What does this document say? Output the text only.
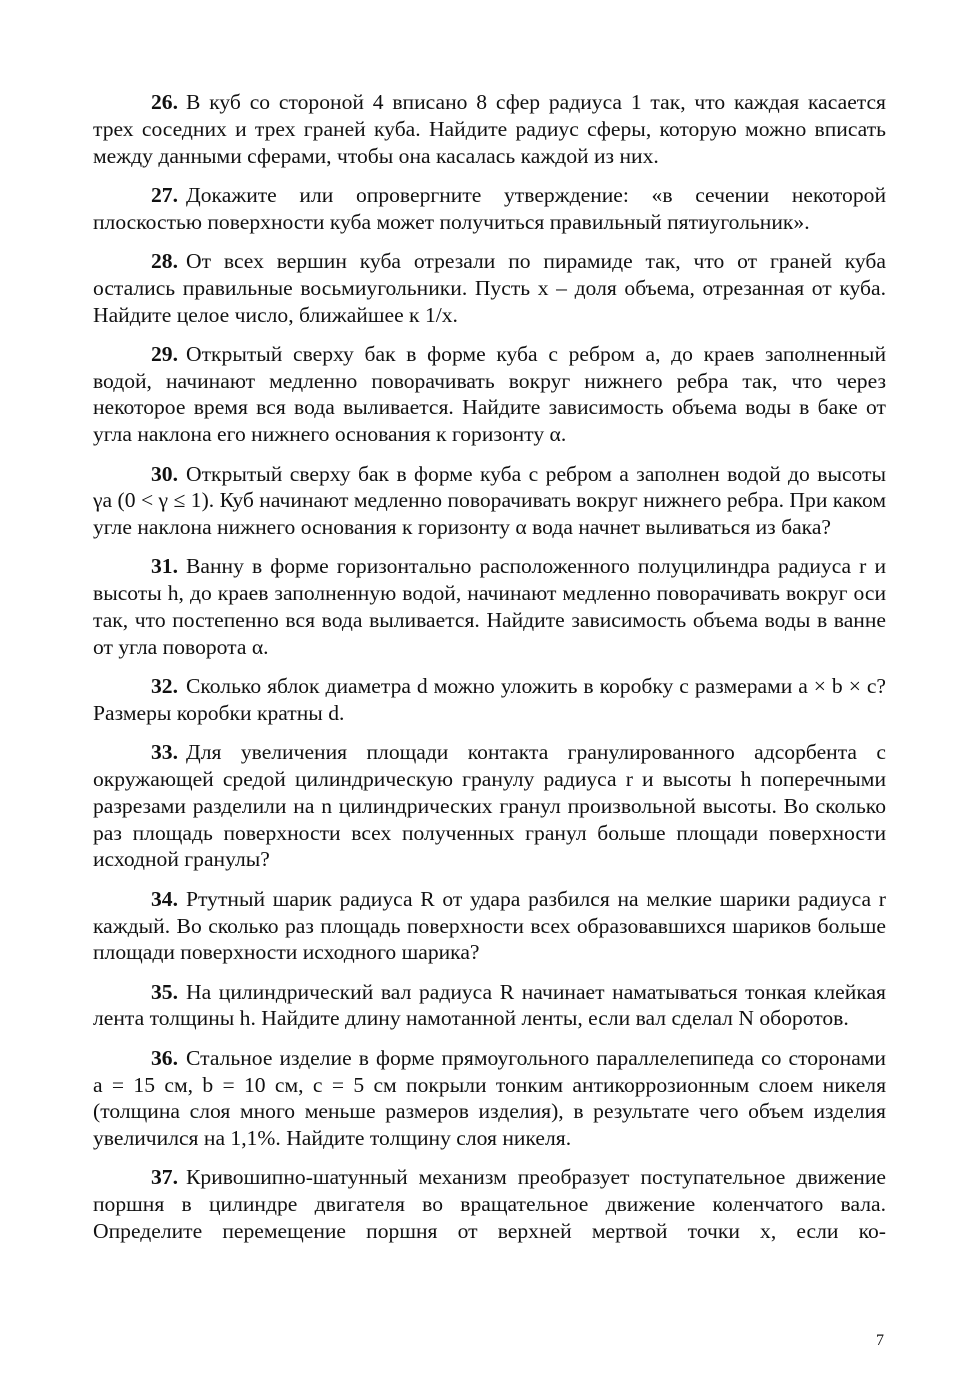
26. В куб со стороной 4 вписано 8 сфер радиуса 1 так, что каждая касается трех соседних и трех граней куба. Найдите радиус сферы, которую можно вписать между данными сферами, чтобы она касалась каждой из них.

27. Докажите или опровергните утверждение: «в сечении некоторой плоскостью поверхности куба может получиться правильный пятиугольник».

28. От всех вершин куба отрезали по пирамиде так, что от граней куба остались правильные восьмиугольники. Пусть x – доля объема, отрезанная от куба. Найдите целое число, ближайшее к 1/x.

29. Открытый сверху бак в форме куба с ребром a, до краев заполненный водой, начинают медленно поворачивать вокруг нижнего ребра так, что через некоторое время вся вода выливается. Найдите зависимость объема воды в баке от угла наклона его нижнего основания к горизонту α.

30. Открытый сверху бак в форме куба с ребром a заполнен водой до высоты γa (0 < γ ≤ 1). Куб начинают медленно поворачивать вокруг нижнего ребра. При каком угле наклона нижнего основания к горизонту α вода начнет выливаться из бака?

31. Ванну в форме горизонтально расположенного полуцилиндра радиуса r и высоты h, до краев заполненную водой, начинают медленно поворачивать вокруг оси так, что постепенно вся вода выливается. Найдите зависимость объема воды в ванне от угла поворота α.

32. Сколько яблок диаметра d можно уложить в коробку с размерами a × b × c? Размеры коробки кратны d.

33. Для увеличения площади контакта гранулированного адсорбента с окружающей средой цилиндрическую гранулу радиуса r и высоты h поперечными разрезами разделили на n цилиндрических гранул произвольной высоты. Во сколько раз площадь поверхности всех полученных гранул больше площади поверхности исходной гранулы?

34. Ртутный шарик радиуса R от удара разбился на мелкие шарики радиуса r каждый. Во сколько раз площадь поверхности всех образовавшихся шариков больше площади поверхности исходного шарика?

35. На цилиндрический вал радиуса R начинает наматываться тонкая клейкая лента толщины h. Найдите длину намотанной ленты, если вал сделал N оборотов.

36. Стальное изделие в форме прямоугольного параллелепипеда со сторонами a = 15 см, b = 10 см, c = 5 см покрыли тонким антикоррозионным слоем никеля (толщина слоя много меньше размеров изделия), в результате чего объем изделия увеличился на 1,1%. Найдите толщину слоя никеля.

37. Кривошипно-шатунный механизм преобразует поступательное движение поршня в цилиндре двигателя во вращательное движение коленчатого вала. Определите перемещение поршня от верхней мертвой точки x, если ко-

7
